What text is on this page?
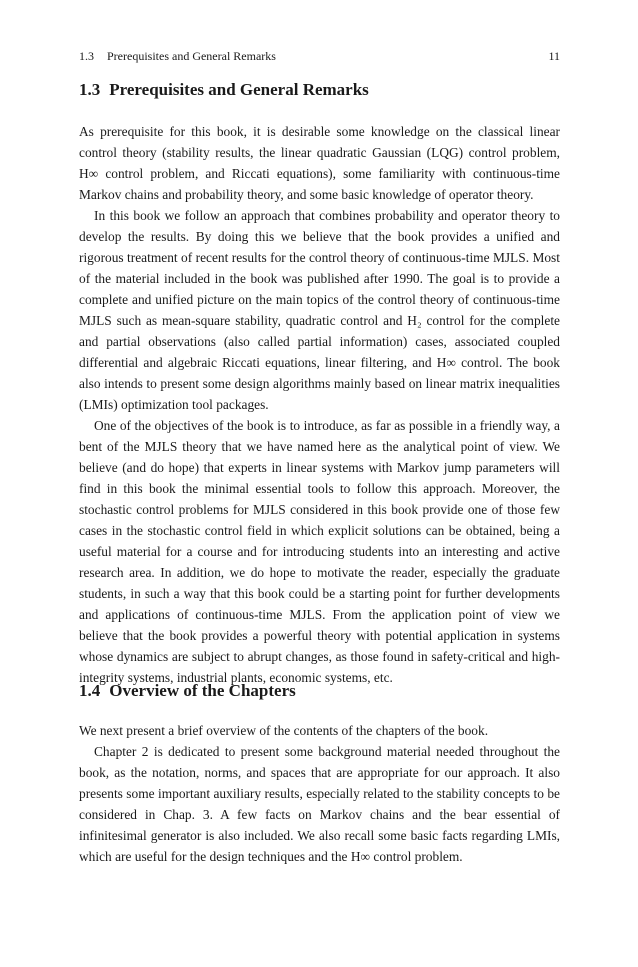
1.3 Prerequisites and General Remarks	11
1.3 Prerequisites and General Remarks

As prerequisite for this book, it is desirable some knowledge on the classical linear control theory (stability results, the linear quadratic Gaussian (LQG) control problem, H∞ control problem, and Riccati equations), some familiarity with continuous-time Markov chains and probability theory, and some basic knowledge of operator theory.

In this book we follow an approach that combines probability and operator theory to develop the results. By doing this we believe that the book provides a unified and rigorous treatment of recent results for the control theory of continuous-time MJLS. Most of the material included in the book was published after 1990. The goal is to provide a complete and unified picture on the main topics of the control theory of continuous-time MJLS such as mean-square stability, quadratic control and H₂ control for the complete and partial observations (also called partial information) cases, associated coupled differential and algebraic Riccati equations, linear filtering, and H∞ control. The book also intends to present some design algorithms mainly based on linear matrix inequalities (LMIs) optimization tool packages.

One of the objectives of the book is to introduce, as far as possible in a friendly way, a bent of the MJLS theory that we have named here as the analytical point of view. We believe (and do hope) that experts in linear systems with Markov jump parameters will find in this book the minimal essential tools to follow this approach. Moreover, the stochastic control problems for MJLS considered in this book provide one of those few cases in the stochastic control field in which explicit solutions can be obtained, being a useful material for a course and for introducing students into an interesting and active research area. In addition, we do hope to motivate the reader, especially the graduate students, in such a way that this book could be a starting point for further developments and applications of continuous-time MJLS. From the application point of view we believe that the book provides a powerful theory with potential application in systems whose dynamics are subject to abrupt changes, as those found in safety-critical and high-integrity systems, industrial plants, economic systems, etc.

1.4 Overview of the Chapters

We next present a brief overview of the contents of the chapters of the book.

Chapter 2 is dedicated to present some background material needed throughout the book, as the notation, norms, and spaces that are appropriate for our approach. It also presents some important auxiliary results, especially related to the stability concepts to be considered in Chap. 3. A few facts on Markov chains and the bear essential of infinitesimal generator is also included. We also recall some basic facts regarding LMIs, which are useful for the design techniques and the H∞ control problem.
